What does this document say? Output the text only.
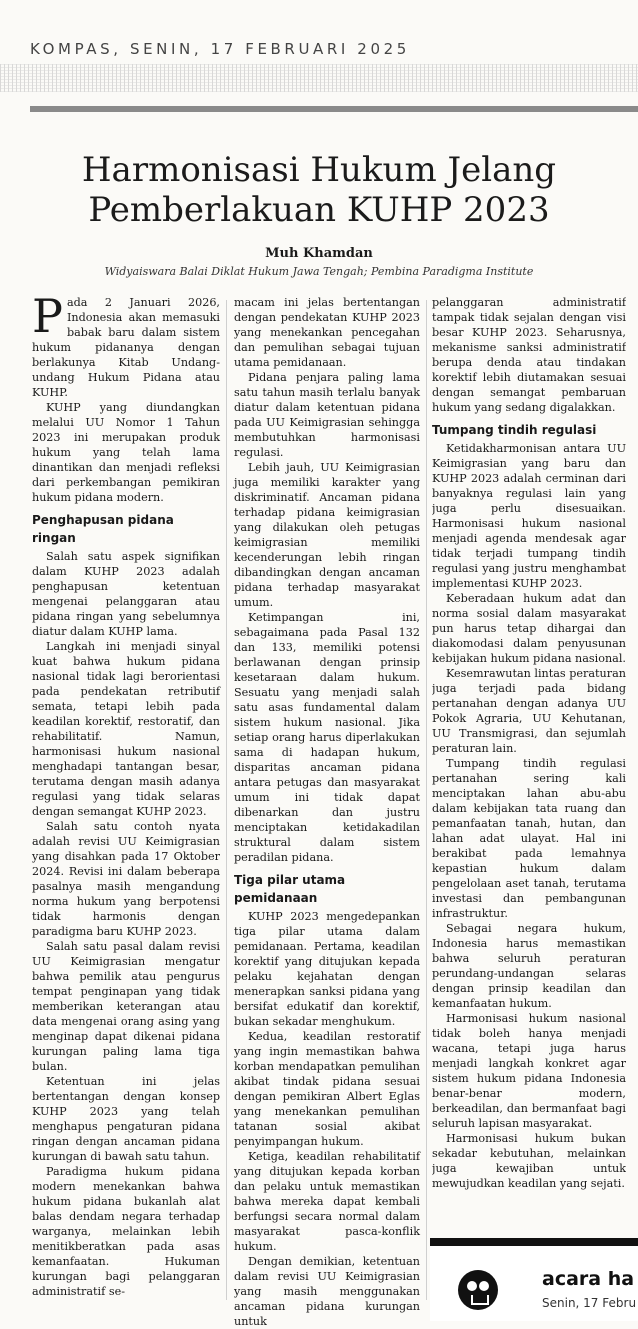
KOMPAS, SENIN, 17 FEBRUARI 2025
Harmonisasi Hukum Jelang
Pemberlakuan KUHP 2023
Muh Khamdan
Widyaiswara Balai Diklat Hukum Jawa Tengah; Pembina Paradigma Institute

Pada 2 Januari 2026, Indonesia akan memasuki babak baru dalam sistem hukum pidananya dengan berlakunya Kitab Undang-undang Hukum Pidana atau KUHP.

KUHP yang diundangkan melalui UU Nomor 1 Tahun 2023 ini merupakan produk hukum yang telah lama dinantikan dan menjadi refleksi dari perkembangan pemikiran hukum pidana modern.

Penghapusan pidana ringan

Salah satu aspek signifikan dalam KUHP 2023 adalah penghapusan ketentuan mengenai pelanggaran atau pidana ringan yang sebelumnya diatur dalam KUHP lama.

Langkah ini menjadi sinyal kuat bahwa hukum pidana nasional tidak lagi berorientasi pada pendekatan retributif semata, tetapi lebih pada keadilan korektif, restoratif, dan rehabilitatif. Namun, harmonisasi hukum nasional menghadapi tantangan besar, terutama dengan masih adanya regulasi yang tidak selaras dengan semangat KUHP 2023.

Salah satu contoh nyata adalah revisi UU Keimigrasian yang disahkan pada 17 Oktober 2024. Revisi ini dalam beberapa pasalnya masih mengandung norma hukum yang berpotensi tidak harmonis dengan paradigma baru KUHP 2023.

Salah satu pasal dalam revisi UU Keimigrasian mengatur bahwa pemilik atau pengurus tempat penginapan yang tidak memberikan keterangan atau data mengenai orang asing yang menginap dapat dikenai pidana kurungan paling lama tiga bulan.

Ketentuan ini jelas bertentangan dengan konsep KUHP 2023 yang telah menghapus pengaturan pidana ringan dengan ancaman pidana kurungan di bawah satu tahun.

Paradigma hukum pidana modern menekankan bahwa hukum pidana bukanlah alat balas dendam negara terhadap warganya, melainkan lebih menitikberatkan pada asas kemanfaatan. Hukuman kurungan bagi pelanggaran administratif se-

macam ini jelas bertentangan dengan pendekatan KUHP 2023 yang menekankan pencegahan dan pemulihan sebagai tujuan utama pemidanaan.

Pidana penjara paling lama satu tahun masih terlalu banyak diatur dalam ketentuan pidana pada UU Keimigrasian sehingga membutuhkan harmonisasi regulasi.

Lebih jauh, UU Keimigrasian juga memiliki karakter yang diskriminatif. Ancaman pidana terhadap pidana keimigrasian yang dilakukan oleh petugas keimigrasian memiliki kecenderungan lebih ringan dibandingkan dengan ancaman pidana terhadap masyarakat umum.

Ketimpangan ini, sebagaimana pada Pasal 132 dan 133, memiliki potensi berlawanan dengan prinsip kesetaraan dalam hukum. Sesuatu yang menjadi salah satu asas fundamental dalam sistem hukum nasional. Jika setiap orang harus diperlakukan sama di hadapan hukum, disparitas ancaman pidana antara petugas dan masyarakat umum ini tidak dapat dibenarkan dan justru menciptakan ketidakadilan struktural dalam sistem peradilan pidana.

Tiga pilar utama pemidanaan

KUHP 2023 mengedepankan tiga pilar utama dalam pemidanaan. Pertama, keadilan korektif yang ditujukan kepada pelaku kejahatan dengan menerapkan sanksi pidana yang bersifat edukatif dan korektif, bukan sekadar menghukum.

Kedua, keadilan restoratif yang ingin memastikan bahwa korban mendapatkan pemulihan akibat tindak pidana sesuai dengan pemikiran Albert Eglas yang menekankan pemulihan tatanan sosial akibat penyimpangan hukum.

Ketiga, keadilan rehabilitatif yang ditujukan kepada korban dan pelaku untuk memastikan bahwa mereka dapat kembali berfungsi secara normal dalam masyarakat pasca-konflik hukum.

Dengan demikian, ketentuan dalam revisi UU Keimigrasian yang masih menggunakan ancaman pidana kurungan untuk

pelanggaran administratif tampak tidak sejalan dengan visi besar KUHP 2023. Seharusnya, mekanisme sanksi administratif berupa denda atau tindakan korektif lebih diutamakan sesuai dengan semangat pembaruan hukum yang sedang digalakkan.

Tumpang tindih regulasi

Ketidakharmonisan antara UU Keimigrasian yang baru dan KUHP 2023 adalah cerminan dari banyaknya regulasi lain yang juga perlu disesuaikan. Harmonisasi hukum nasional menjadi agenda mendesak agar tidak terjadi tumpang tindih regulasi yang justru menghambat implementasi KUHP 2023.

Keberadaan hukum adat dan norma sosial dalam masyarakat pun harus tetap dihargai dan diakomodasi dalam penyusunan kebijakan hukum pidana nasional.

Kesemrawutan lintas peraturan juga terjadi pada bidang pertanahan dengan adanya UU Pokok Agraria, UU Kehutanan, UU Transmigrasi, dan sejumlah peraturan lain.

Tumpang tindih regulasi pertanahan sering kali menciptakan lahan abu-abu dalam kebijakan tata ruang dan pemanfaatan tanah, hutan, dan lahan adat ulayat. Hal ini berakibat pada lemahnya kepastian hukum dalam pengelolaan aset tanah, terutama investasi dan pembangunan infrastruktur.

Sebagai negara hukum, Indonesia harus memastikan bahwa seluruh peraturan perundang-undangan selaras dengan prinsip keadilan dan kemanfaatan hukum.

Harmonisasi hukum nasional tidak boleh hanya menjadi wacana, tetapi juga harus menjadi langkah konkret agar sistem hukum pidana Indonesia benar-benar modern, berkeadilan, dan bermanfaat bagi seluruh lapisan masyarakat.

Harmonisasi hukum bukan sekadar kebutuhan, melainkan juga kewajiban untuk mewujudkan keadilan yang sejati.

acara ha
Senin, 17 Febru
